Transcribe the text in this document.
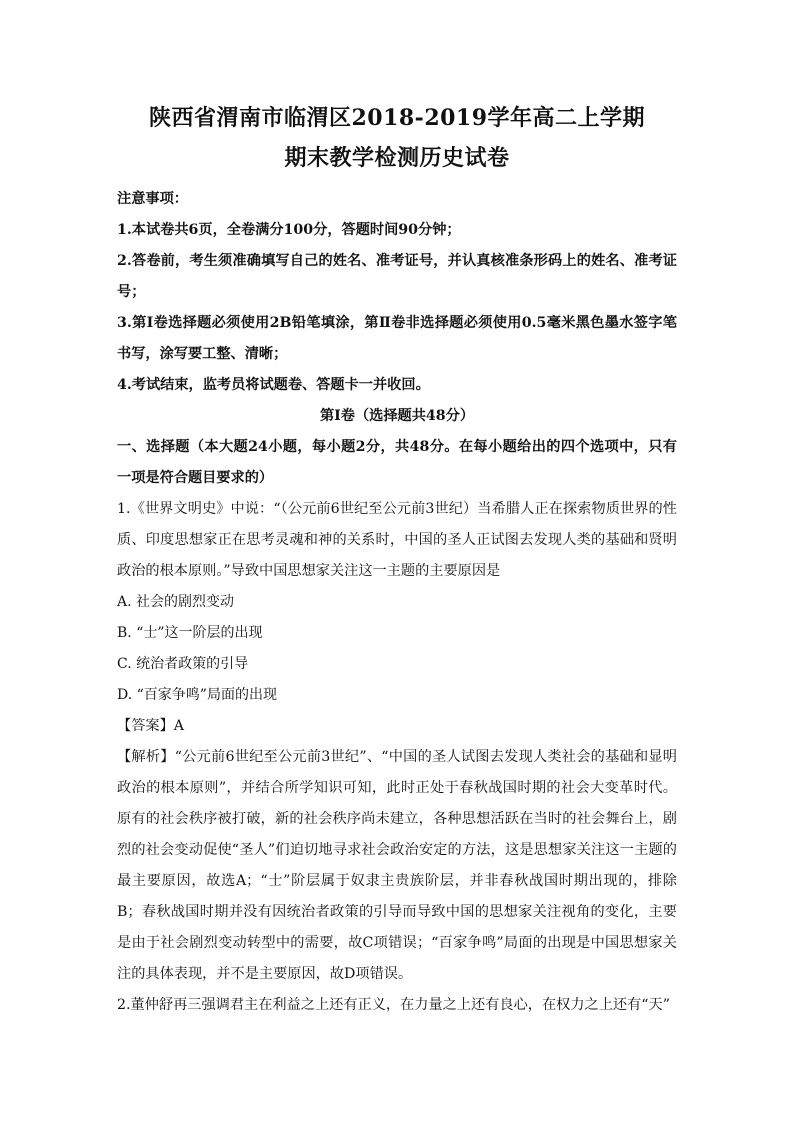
陕西省渭南市临渭区2018-2019学年高二上学期
期末教学检测历史试卷

注意事项：

1.本试卷共6页，全卷满分100分，答题时间90分钟；

2.答卷前，考生须准确填写自己的姓名、准考证号，并认真核准条形码上的姓名、准考证号；

3.第Ⅰ卷选择题必须使用2B铅笔填涂，第Ⅱ卷非选择题必须使用0.5毫米黑色墨水签字笔书写，涂写要工整、清晰；

4.考试结束，监考员将试题卷、答题卡一并收回。

第Ⅰ卷（选择题共48分）

一、选择题（本大题24小题，每小题2分，共48分。在每小题给出的四个选项中，只有一项是符合题目要求的）

1.《世界文明史》中说：“（公元前6世纪至公元前3世纪）当希腊人正在探索物质世界的性质、印度思想家正在思考灵魂和神的关系时，中国的圣人正试图去发现人类的基础和贤明政治的根本原则。”导致中国思想家关注这一主题的主要原因是

A. 社会的剧烈变动

B. “士”这一阶层的出现

C. 统治者政策的引导

D. “百家争鸣”局面的出现

【答案】A

【解析】“公元前6世纪至公元前3世纪”、“中国的圣人试图去发现人类社会的基础和显明政治的根本原则”，并结合所学知识可知，此时正处于春秋战国时期的社会大变革时代。原有的社会秩序被打破，新的社会秩序尚未建立，各种思想活跃在当时的社会舞台上，剧烈的社会变动促使“圣人”们迫切地寻求社会政治安定的方法，这是思想家关注这一主题的最主要原因，故选A；“士”阶层属于奴隶主贵族阶层，并非春秋战国时期出现的，排除B；春秋战国时期并没有因统治者政策的引导而导致中国的思想家关注视角的变化，主要是由于社会剧烈变动转型中的需要，故C项错误；“百家争鸣”局面的出现是中国思想家关注的具体表现，并不是主要原因，故D项错误。

2.董仲舒再三强调君主在利益之上还有正义，在力量之上还有良心，在权力之上还有“天”
